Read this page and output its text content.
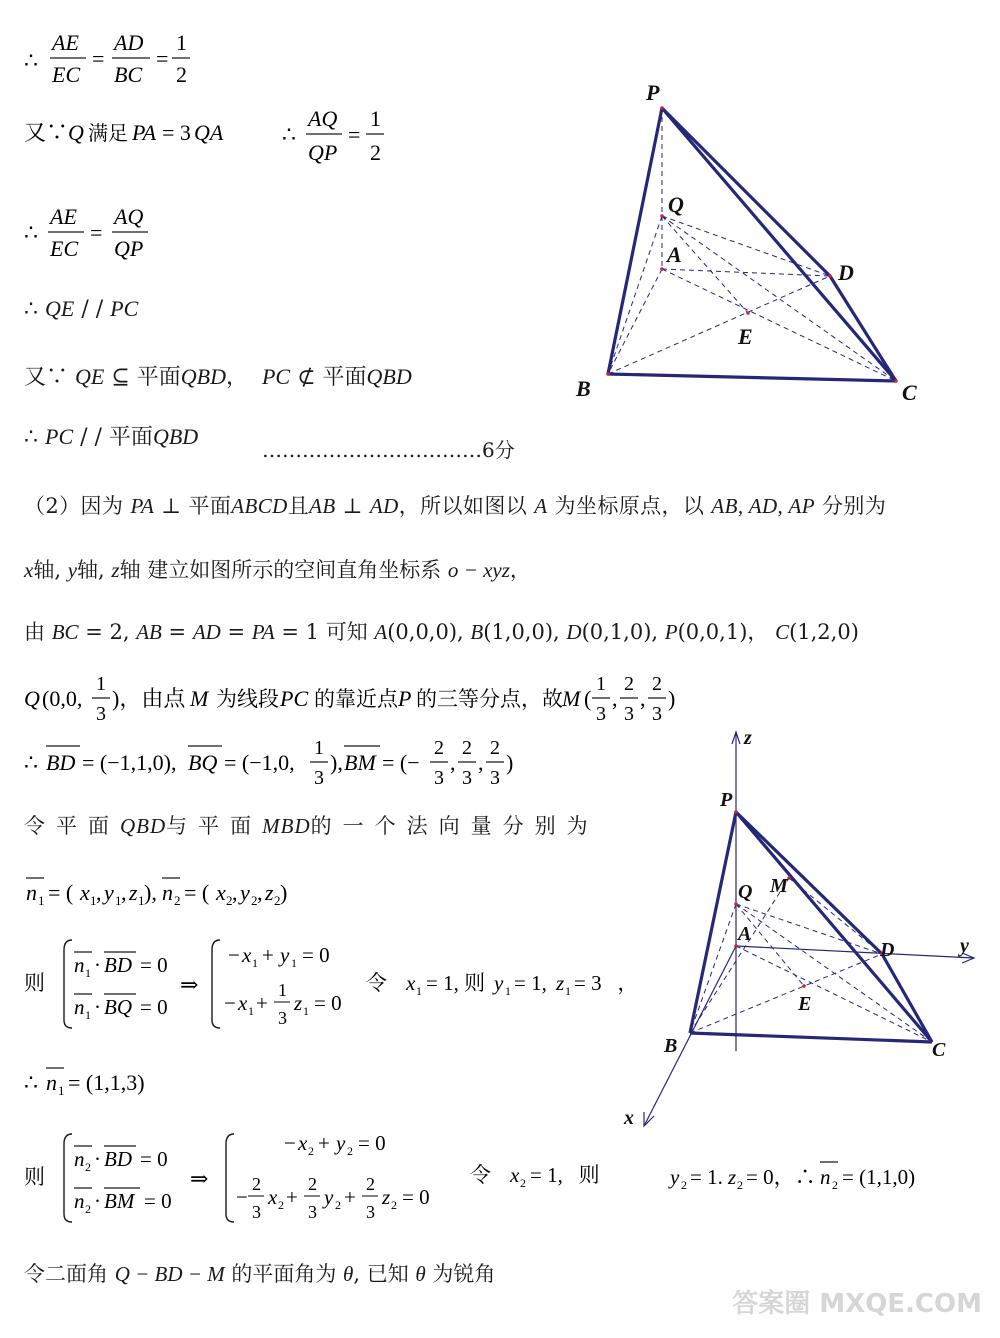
∴
AE
EC
=
AD
BC
=
1
2
又∵ Q 满足 PA = 3 QA	∴
AQ
QP
=
1
2
∴
AE
EC
=
AQ
QP
∴ QE / / PC
又∵ QE ⊆ 平面QBD，  PC ⊄ 平面QBD
∴ PC / / 平面QBD
……………………………6分
（2）因为 PA ⊥ 平面ABCD且AB ⊥ AD，所以如图以 A 为坐标原点，以 AB, AD, AP 分别为
x轴, y轴, z轴 建立如图所示的空间直角坐标系 o − xyz，
由 BC = 2, AB = AD = PA = 1 可知 A(0,0,0), B(1,0,0), D(0,1,0), P(0,0,1)， C(1,2,0)
Q (0,0,
1
3
)，由点 M 为线段 PC 的靠近点 P 的三等分点，故 M (
1
3
,
2
3
,
2
3
)
∴ BD = (−1,1,0), BQ = (−1,0,
1
3
), BM = (−
2
3
,
2
3
,
2
3
)
令平面QBD与平面MBD的一个法向量分别为
n 1 = ( x 1 , y 1 , z 1 ), n 2 = ( x 2 , y 2 , z 2 )
则
n 1 · BD = 0
n 1 · BQ = 0
⇒
− x 1 + y 1 = 0
− x 1 +
1
3
z 1 = 0
令 x 1 = 1, 则 y 1 = 1, z 1 = 3   ，
∴ n 1 = (1,1,3)
则
n 2 · BD = 0
n 2 · BM = 0
⇒
− x 2 + y 2 = 0
−
2
3
x 2 +
2
3
y 2 +
2
3
z 2 = 0
令 x 2 = 1,   则	y 2 = 1. z 2 = 0，∴ n 2 = (1,1,0)
令二面角 Q − BD − M 的平面角为 θ, 已知 θ 为锐角
P
Q
A
D
E
B	C
z
P
Q M
A
D	y
E
B	C
x
答案圈 MXQE.COM
